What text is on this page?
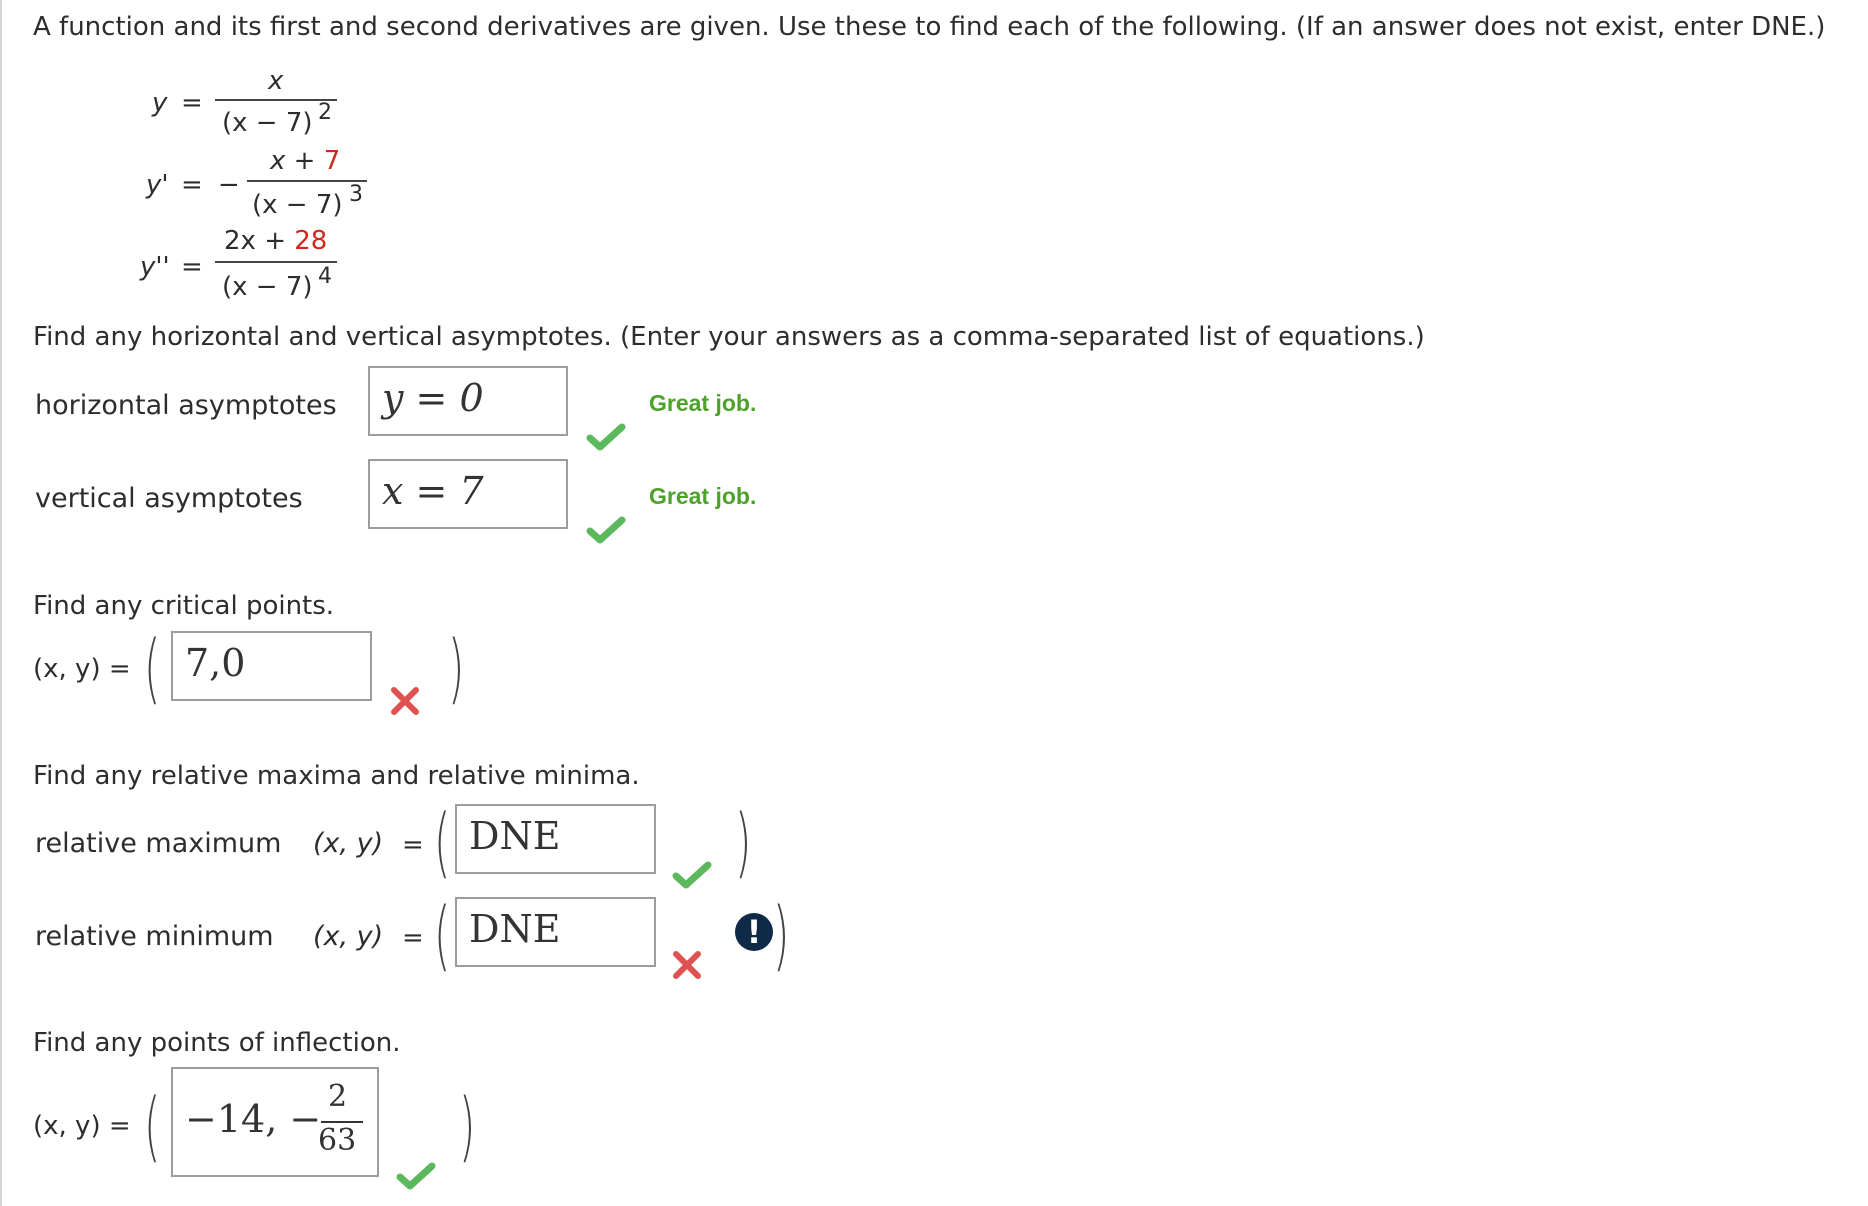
A function and its first and second derivatives are given. Use these to find each of the following. (If an answer does not exist, enter DNE.)
y =
x
(x − 7) 2
y' = −
x + 7
(x − 7) 3
y'' =
2x + 28
(x − 7) 4
Find any horizontal and vertical asymptotes. (Enter your answers as a comma-separated list of equations.)
horizontal asymptotes y = 0	Great job.
vertical asymptotes x = 7	Great job.
Find any critical points.
(x, y) = ( 7,0	)
Find any relative maxima and relative minima.
relative maximum (x, y) = ( DNE )
relative minimum (x, y) = ( DNE	! )
Find any points of inflection.
(x, y) = ( −14, −
2
63 )
